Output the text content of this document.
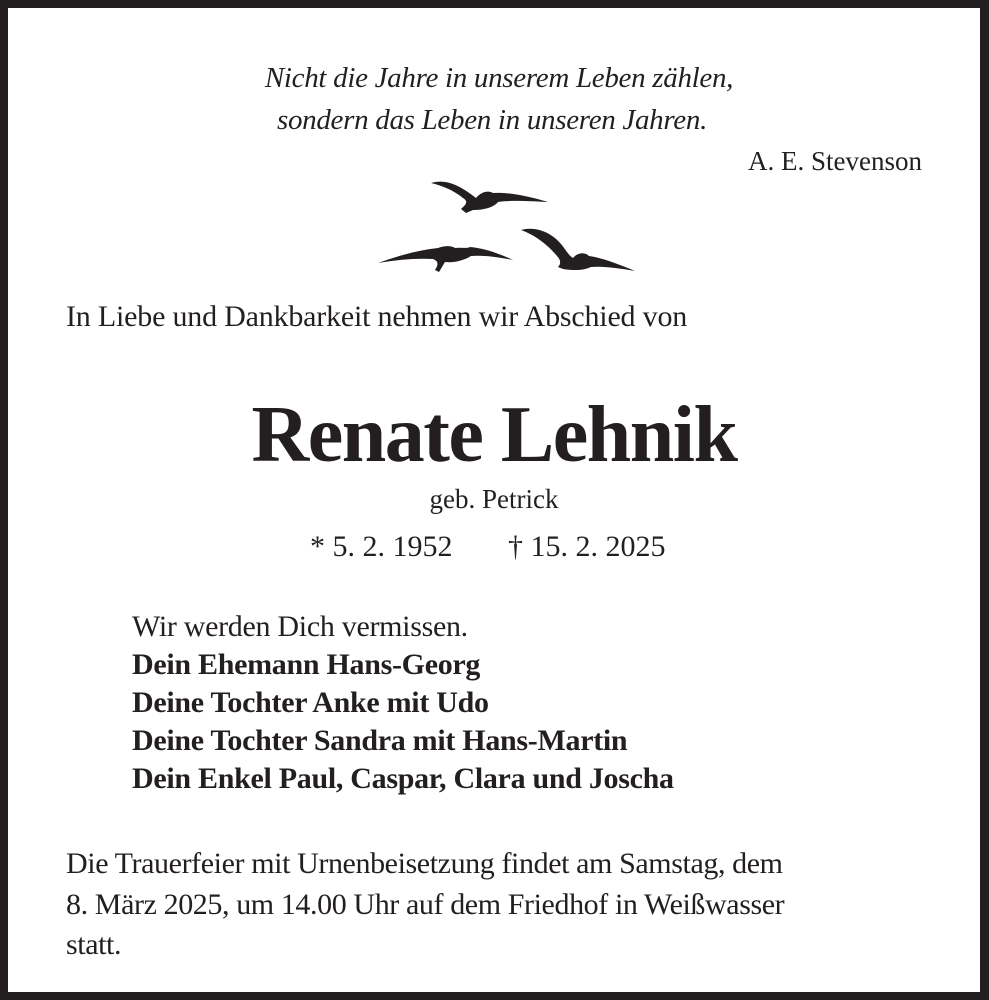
Nicht die Jahre in unserem Leben zählen,
sondern das Leben in unseren Jahren.
A. E. Stevenson
In Liebe und Dankbarkeit nehmen wir Abschied von
Renate Lehnik
geb. Petrick
* 5. 2. 1952 † 15. 2. 2025
Wir werden Dich vermissen.
Dein Ehemann Hans-Georg
Deine Tochter Anke mit Udo
Deine Tochter Sandra mit Hans-Martin
Dein Enkel Paul, Caspar, Clara und Joscha
Die Trauerfeier mit Urnenbeisetzung findet am Samstag, dem
8. März 2025, um 14.00 Uhr auf dem Friedhof in Weißwasser
statt.
